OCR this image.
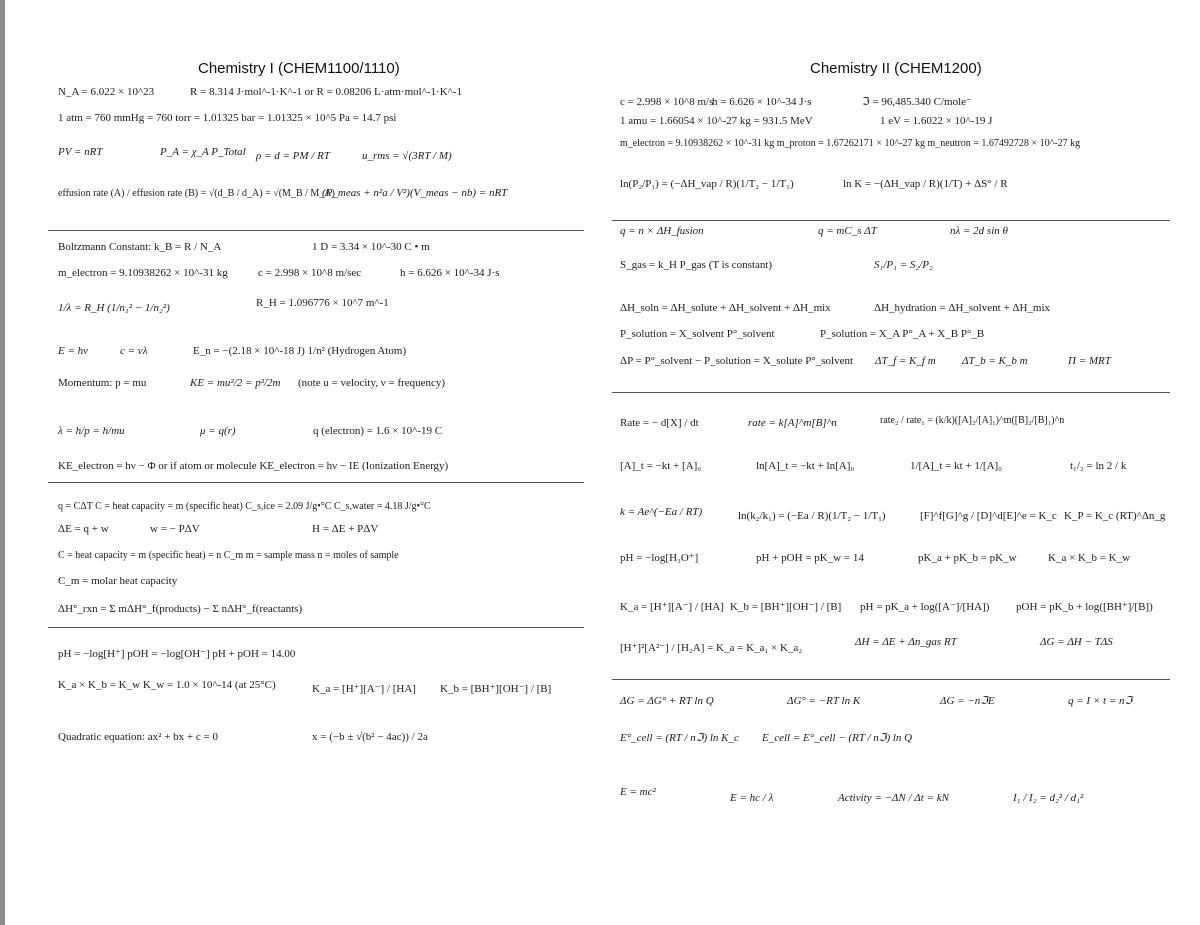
Chemistry I (CHEM1100/1110)	Chemistry II (CHEM1200)
N_A = 6.022 × 10^23	R = 8.314 J·mol^-1·K^-1 or R = 0.08206 L·atm·mol^-1·K^-1
1 atm = 760 mmHg = 760 torr = 1.01325 bar = 1.01325 × 10^5 Pa = 14.7 psi
PV = nRT	P_A = χ_A P_Total ρ = d = PM / RT	u_rms = √(3RT / M)
effusion rate (A) / effusion rate (B) = √(d_B / d_A) = √(M_B / M_A)
(P_meas + n²a / V²)(V_meas − nb) = nRT
Boltzmann Constant: k_B = R / N_A	1 D = 3.34 × 10^-30 C • m
m_electron = 9.10938262 × 10^-31 kg	c = 2.998 × 10^8 m/sec	h = 6.626 × 10^-34 J·s
1/λ = R_H (1/n₁² − 1/n₂²)	R_H = 1.096776 × 10^7 m^-1
E = hν	c = νλ	E_n = −(2.18 × 10^-18 J) 1/n² (Hydrogen Atom)
Momentum: p = mu	KE = mu²/2 = p²/2m (note u = velocity, ν = frequency)
λ = h/p = h/mu	μ = q(r)	q (electron) = 1.6 × 10^-19 C
KE_electron = hν − Φ or if atom or molecule KE_electron = hν − IE (Ionization Energy)
q = CΔT C = heat capacity = m (specific heat) C_s,ice = 2.09 J/g•°C C_s,water = 4.18 J/g•°C
ΔE = q + w	w = − PΔV	H = ΔE + PΔV
C = heat capacity = m (specific heat) = n C_m m = sample mass n = moles of sample
C_m = molar heat capacity
ΔH°_rxn = Σ mΔH°_f(products) − Σ nΔH°_f(reactants)
pH = −log[H⁺] pOH = −log[OH⁻] pH + pOH = 14.00
K_a × K_b = K_w K_w = 1.0 × 10^-14 (at 25°C)	K_a = [H⁺][A⁻] / [HA] K_b = [BH⁺][OH⁻] / [B]
Quadratic equation: ax² + bx + c = 0	x = (−b ± √(b² − 4ac)) / 2a
c = 2.998 × 10^8 m/s
h = 6.626 × 10^-34 J·s	ℑ = 96,485.340 C/mole⁻
1 amu = 1.66054 × 10^-27 kg = 931.5 MeV	1 eV = 1.6022 × 10^-19 J
m_electron = 9.10938262 × 10^-31 kg m_proton = 1.67262171 × 10^-27 kg m_neutron = 1.67492728 × 10^-27 kg
ln(P₂/P₁) = (−ΔH_vap / R)(1/T₂ − 1/T₁)	ln K = −(ΔH_vap / R)(1/T) + ΔS° / R
q = n × ΔH_fusion	q = mC_s ΔT	nλ = 2d sin θ
S_gas = k_H P_gas (T is constant)	S₁/P₁ = S₂/P₂
ΔH_soln = ΔH_solute + ΔH_solvent + ΔH_mix	ΔH_hydration = ΔH_solvent + ΔH_mix
P_solution = X_solvent P°_solvent	P_solution = X_A P°_A + X_B P°_B
ΔP = P°_solvent − P_solution = X_solute P°_solvent ΔT_f = K_f m ΔT_b = K_b m	Π = MRT
Rate = − d[X] / dt	rate = k[A]^m[B]^n	rate₂ / rate₁ = (k/k)([A]₂/[A]₁)^m([B]₂/[B]₁)^n
[A]_t = −kt + [A]₀	ln[A]_t = −kt + ln[A]₀	1/[A]_t = kt + 1/[A]₀	t₁/₂ = ln 2 / k
k = Ae^(−Ea / RT)	ln(k₂/k₁) = (−Ea / R)(1/T₂ − 1/T₁)	[F]^f[G]^g / [D]^d[E]^e = K_c K_P = K_c (RT)^Δn_g
pH = −log[H₃O⁺]	pH + pOH = pK_w = 14	pK_a + pK_b = pK_w	K_a × K_b = K_w
K_a = [H⁺][A⁻] / [HA] K_b = [BH⁺][OH⁻] / [B] pH = pK_a + log([A⁻]/[HA]) pOH = pK_b + log([BH⁺]/[B])
[H⁺]²[A²⁻] / [H₂A] = K_a = K_a₁ × K_a₂	ΔH = ΔE + Δn_gas RT	ΔG = ΔH − TΔS
ΔG = ΔG° + RT ln Q	ΔG° = −RT ln K	ΔG = −nℑE	q = I × t = nℑ
E°_cell = (RT / nℑ) ln K_c E_cell = E°_cell − (RT / nℑ) ln Q
E = mc²	E = hc / λ	Activity = −ΔN / Δt = kN	I₁ / I₂ = d₂² / d₁²
